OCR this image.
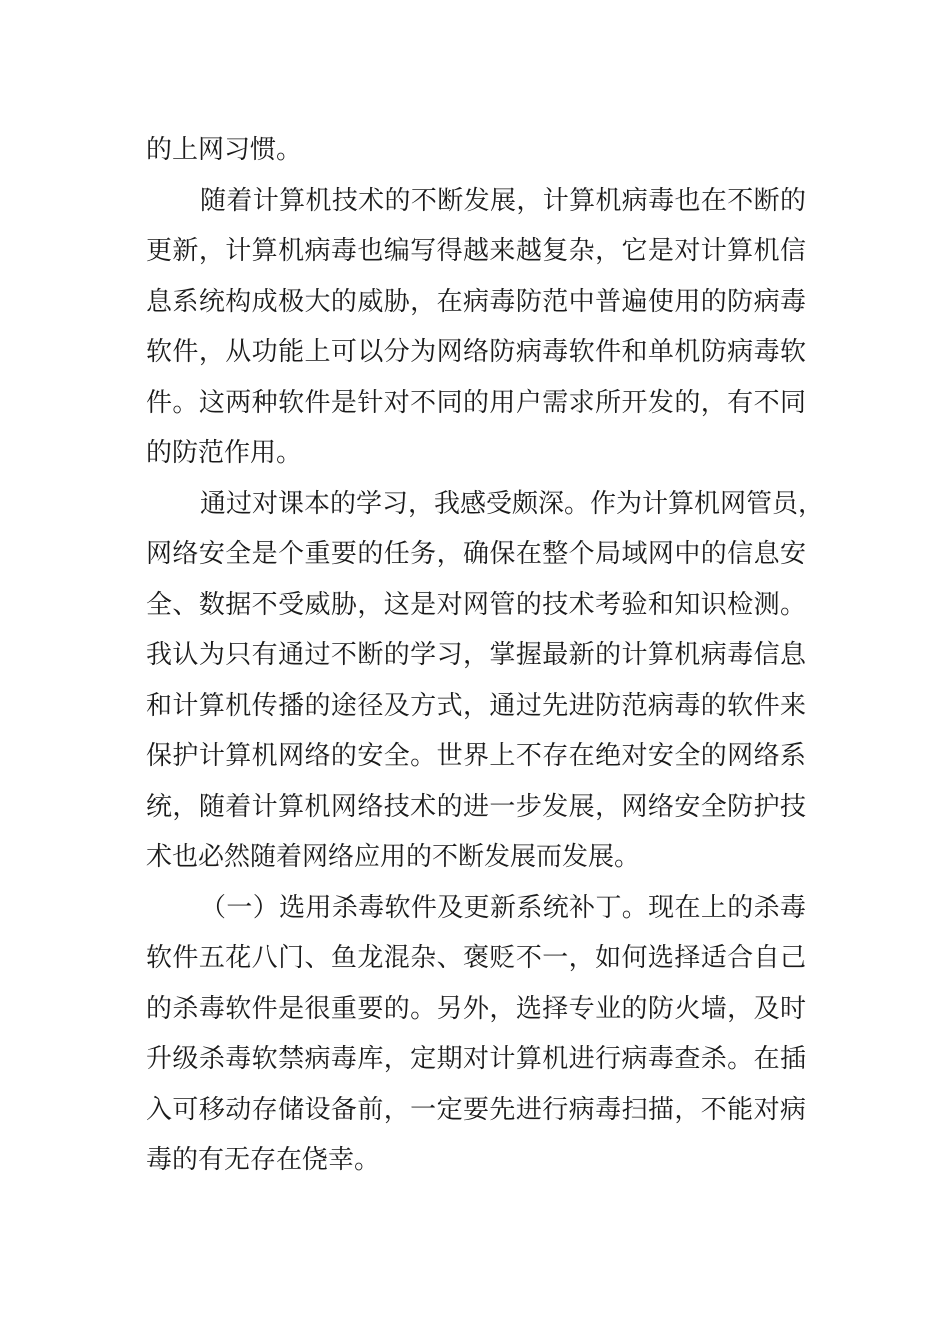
的上网习惯。
随着计算机技术的不断发展，计算机病毒也在不断的
更新，计算机病毒也编写得越来越复杂，它是对计算机信
息系统构成极大的威胁，在病毒防范中普遍使用的防病毒
软件，从功能上可以分为网络防病毒软件和单机防病毒软
件。这两种软件是针对不同的用户需求所开发的，有不同
的防范作用。
通过对课本的学习，我感受颇深。作为计算机网管员，
网络安全是个重要的任务，确保在整个局域网中的信息安
全、数据不受威胁，这是对网管的技术考验和知识检测。
我认为只有通过不断的学习，掌握最新的计算机病毒信息
和计算机传播的途径及方式，通过先进防范病毒的软件来
保护计算机网络的安全。世界上不存在绝对安全的网络系
统，随着计算机网络技术的进一步发展，网络安全防护技
术也必然随着网络应用的不断发展而发展。
（一）选用杀毒软件及更新系统补丁。现在上的杀毒
软件五花八门、鱼龙混杂、褒贬不一，如何选择适合自己
的杀毒软件是很重要的。另外，选择专业的防火墙，及时
升级杀毒软禁病毒库，定期对计算机进行病毒查杀。在插
入可移动存储设备前，一定要先进行病毒扫描，不能对病
毒的有无存在侥幸。
